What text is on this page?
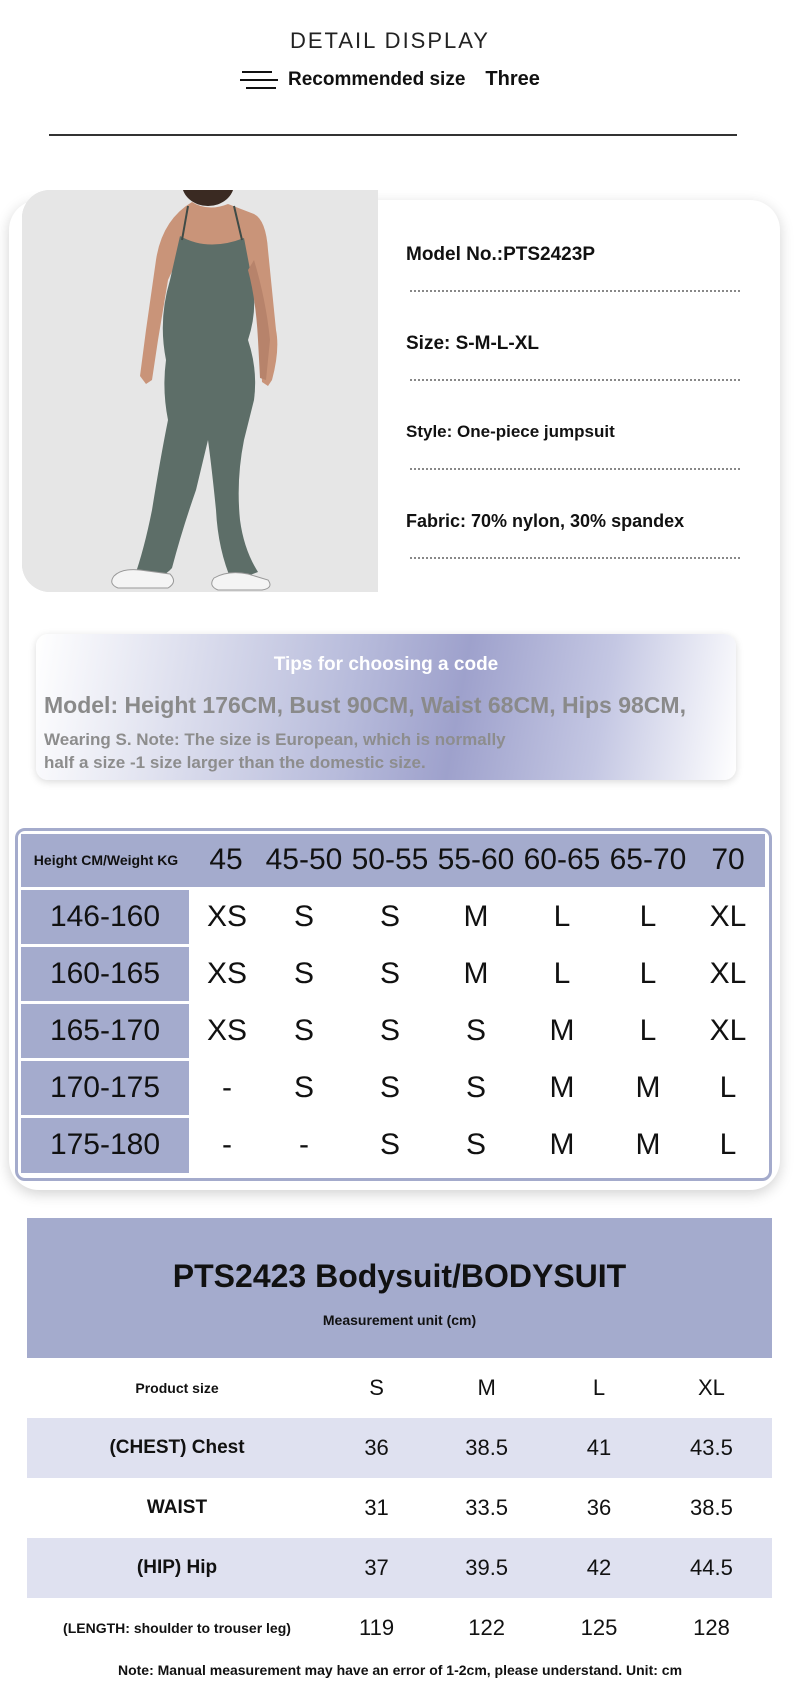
DETAIL DISPLAY
Recommended size Three
Model No.:PTS2423P
Size: S-M-L-XL
Style: One-piece jumpsuit
Fabric: 70% nylon, 30% spandex
Tips for choosing a code
Model: Height 176CM, Bust 90CM, Waist 68CM, Hips 98CM,
Wearing S. Note: The size is European, which is normally
half a size -1 size larger than the domestic size.
Height CM/Weight KG	45	45-50	50-55	55-60	60-65	65-70	70
146-160	XS	S	S	M	L	L	XL
160-165	XS	S	S	M	L	L	XL
165-170	XS	S	S	S	M	L	XL
170-175	-	S	S	S	M	M	L
175-180	-	-	S	S	M	M	L
PTS2423 Bodysuit/BODYSUIT
Measurement unit (cm)
Product size	S	M	L	XL
(CHEST) Chest	36	38.5	41	43.5
WAIST	31	33.5	36	38.5
(HIP) Hip	37	39.5	42	44.5
(LENGTH: shoulder to trouser leg)	119	122	125	128
Note: Manual measurement may have an error of 1-2cm, please understand. Unit: cm
